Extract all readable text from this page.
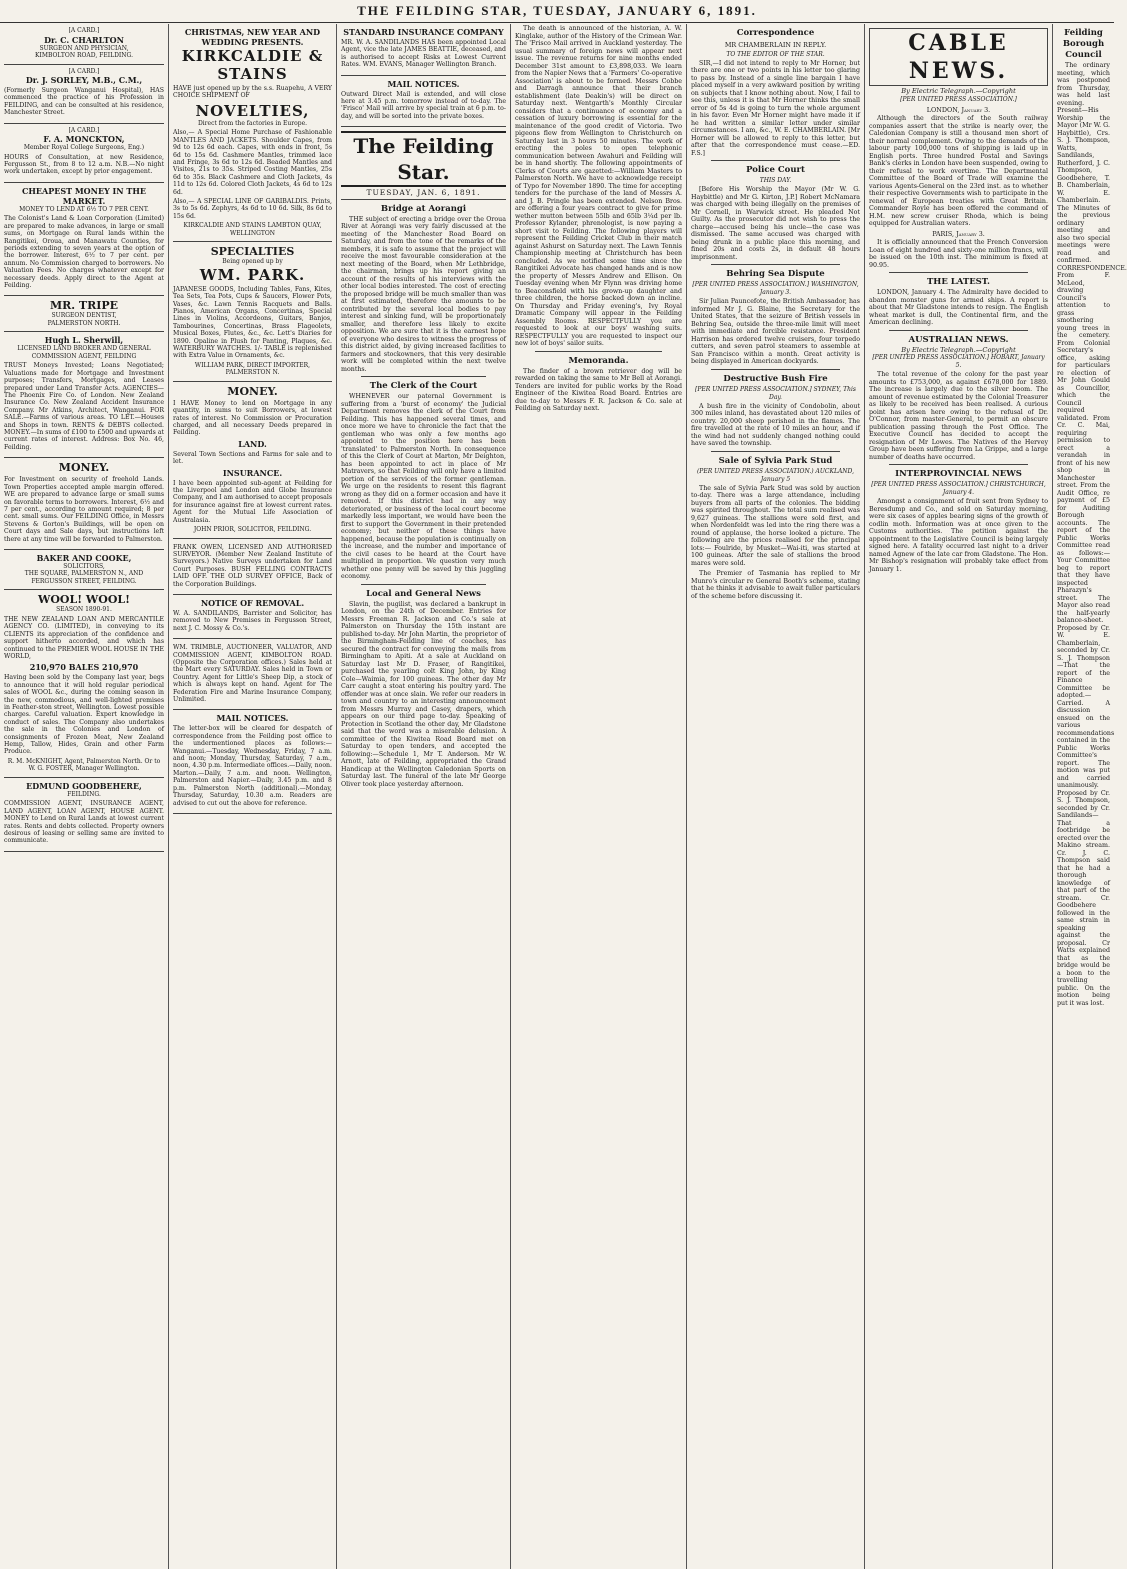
THE FEILDING STAR, TUESDAY, JANUARY 6, 1891.
[A CARD.]
Dr. C. CHARLTON
SURGEON AND PHYSICIAN,
KIMBOLTON ROAD, FEILDING.
[A CARD.]
Dr. J. SORLEY, M.B., C.M.,

(Formerly Surgeon Wanganui Hospital), HAS commenced the practice of his Profession in FEILDING, and can be consulted at his residence, Manchester Street.

[A CARD.]
F. A. MONCKTON,
Member Royal College Surgeons, Eng.)

HOURS of Consultation, at new Residence, Fergusson St., from 8 to 12 a.m. N.B.—No night work undertaken, except by prior engagement.

CHEAPEST MONEY IN THE MARKET.
MONEY TO LEND AT 6½ TO 7 PER CENT.

The Colonist's Land & Loan Corporation (Limited) are prepared to make advances, in large or small sums, on Mortgage on Rural lands within the Rangitikei, Oroua, and Manawatu Counties, for periods extending to seven years at the option of the borrower. Interest, 6½ to 7 per cent. per annum. No Commission charged to borrowers. No Valuation Fees. No charges whatever except for necessary deeds. Apply direct to the Agent at Feilding.

MR. TRIPE
SURGEON DENTIST,
PALMERSTON NORTH.
Hugh L. Sherwill,
LICENSED LAND BROKER AND GENERAL COMMISSION AGENT, FEILDING

TRUST Moneys Invested; Loans Negotiated; Valuations made for Mortgage and Investment purposes; Transfers, Mortgages, and Leases prepared under Land Transfer Acts. AGENCIES—The Phoenix Fire Co. of London. New Zealand Insurance Co. New Zealand Accident Insurance Company. Mr Atkins, Architect, Wanganui. FOR SALE.—Farms of various areas. TO LET.—Houses and Shops in town. RENTS & DEBTS collected. MONEY.—In sums of £100 to £500 and upwards at current rates of interest. Address: Box No. 46, Feilding.

MONEY.

For Investment on security of freehold Lands. Town Properties accepted ample margin offered. WE are prepared to advance large or small sums on favorable terms to borrowers. Interest, 6½ and 7 per cent., according to amount required; 8 per cent. small sums. Our FEILDING Office, in Messrs Stevens & Gorton's Buildings, will be open on Court days and Sale days, but instructions left there at any time will be forwarded to Palmerston.

BAKER AND COOKE,
SOLICITORS,
THE SQUARE, PALMERSTON N., AND FERGUSSON STREET, FEILDING.
WOOL! WOOL!
SEASON 1890-91.

THE NEW ZEALAND LOAN AND MERCANTILE AGENCY CO. (LIMITED), in conveying to its CLIENTS its appreciation of the confidence and support hitherto accorded, and which has continued to the PREMIER WOOL HOUSE IN THE WORLD,

210,970 BALES 210,970

Having been sold by the Company last year, begs to announce that it will hold regular periodical sales of WOOL &c., during the coming season in the new, commodious, and well-lighted premises in Feather-ston street, Wellington. Lowest possible charges. Careful valuation. Expert knowledge in conduct of sales. The Company also undertakes the sale in the Colonies and London of consignments of Frozen Meat, New Zealand Hemp, Tallow, Hides, Grain and other Farm Produce.

R. M. McKNIGHT, Agent, Palmerston North. Or to W. G. FOSTER, Manager Wellington.
EDMUND GOODBEHERE,
FEILDING.

COMMISSION AGENT, INSURANCE AGENT, LAND AGENT, LOAN AGENT, HOUSE AGENT. MONEY to Lend on Rural Lands at lowest current rates. Rents and debts collected. Property owners desirous of leasing or selling same are invited to communicate.

CHRISTMAS, NEW YEAR AND WEDDING PRESENTS.
KIRKCALDIE & STAINS

HAVE just opened up by the s.s. Ruapehu, A VERY CHOICE SHIPMENT OF

NOVELTIES,
Direct from the factories in Europe.

Also,— A Special Home Purchase of Fashionable MANTLES AND JACKETS. Shoulder Capes, from 9d to 12s 6d each. Capes, with ends in front, 5s 6d to 15s 6d. Cashmere Mantles, trimmed lace and Fringe, 3s 6d to 12s 6d. Beaded Mantles and Visites, 21s to 35s. Striped Costing Mantles, 25s 6d to 35s. Black Cashmere and Cloth Jackets, 4s 11d to 12s 6d. Colored Cloth Jackets, 4s 6d to 12s 6d.

Also,— A SPECIAL LINE OF GARIBALDIS. Prints, 3s to 5s 6d. Zephyrs, 4s 6d to 10 6d. Silk, 8s 6d to 15s 6d.

KIRKCALDIE AND STAINS LAMBTON QUAY, WELLINGTON
SPECIALTIES
Being opened up by
WM. PARK.

JAPANESE GOODS, Including Tables, Fans, Kites, Tea Sets, Tea Pots, Cups & Saucers, Flower Pots, Vases, &c. Lawn Tennis Racquets and Balls. Pianos, American Organs, Concertinas, Special Lines in Violins, Accordeons, Guitars, Banjos, Tambourines, Concertinas, Brass Flageolets, Musical Boxes, Flutes, &c., &c. Lett's Diaries for 1890. Opaline in Plush for Panting, Plaques, &c. WATERBURY WATCHES. 1/- TABLE is replenished with Extra Value in Ornaments, &c.

WILLIAM PARK, DIRECT IMPORTER, PALMERSTON N.
MONEY.

I HAVE Money to lend on Mortgage in any quantity, in sums to suit Borrowers, at lowest rates of interest. No Commission or Procuration charged, and all necessary Deeds prepared in Feilding.

LAND.

Several Town Sections and Farms for sale and to let.

INSURANCE.

I have been appointed sub-agent at Feilding for the Liverpool and London and Globe Insurance Company, and I am authorised to accept proposals for insurance against fire at lowest current rates. Agent for the Mutual Life Association of Australasia.

JOHN PRIOR, SOLICITOR, FEILDING.

FRANK OWEN, LICENSED AND AUTHORISED SURVEYOR. (Member New Zealand Institute of Surveyors.) Native Surveys undertaken for Land Court Purposes. BUSH FELLING CONTRACTS LAID OFF. THE OLD SURVEY OFFICE, Back of the Corporation Buildings.

NOTICE OF REMOVAL.

W. A. SANDILANDS, Barrister and Solicitor, has removed to New Premises in Fergusson Street, next J. C. Mossy & Co.'s.

WM. TRIMBLE, AUCTIONEER, VALUATOR, AND COMMISSION AGENT, KIMBOLTON ROAD. (Opposite the Corporation offices.) Sales held at the Mart every SATURDAY. Sales held in Town or Country. Agent for Little's Sheep Dip, a stock of which is always kept on hand. Agent for The Federation Fire and Marine Insurance Company, Unlimited.

MAIL NOTICES.

The letter-box will be cleared for despatch of correspondence from the Feilding post office to the undermentioned places as follows:— Wanganui.—Tuesday, Wednesday, Friday, 7 a.m. and noon; Monday, Thursday, Saturday, 7 a.m., noon, 4.30 p.m. Intermediate offices.—Daily, noon. Marton.—Daily, 7 a.m. and noon. Wellington, Palmerston and Napier.—Daily, 3.45 p.m. and 8 p.m. Palmerston North (additional).—Monday, Thursday, Saturday, 10.30 a.m. Readers are advised to cut out the above for reference.

STANDARD INSURANCE COMPANY

MR. W. A. SANDILANDS HAS been appointed Local Agent, vice the late JAMES BEATTIE, deceased, and is authorised to accept Risks at Lowest Current Rates. WM. EVANS, Manager Wellington Branch.

MAIL NOTICES.

Outward Direct Mail is extended, and will close here at 3.45 p.m. tomorrow instead of to-day. The 'Frisco' Mail will arrive by special train at 6 p.m. to-day, and will be sorted into the private boxes.

The Feilding Star.
TUESDAY, JAN. 6, 1891.
Bridge at Aorangi

THE subject of erecting a bridge over the Oroua River at Aorangi was very fairly discussed at the meeting of the Manchester Road Board on Saturday, and from the tone of the remarks of the members, it is safe to assume that the project will receive the most favourable consideration at the next meeting of the Board, when Mr Lethbridge, the chairman, brings up his report giving an account of the results of his interviews with the other local bodies interested. The cost of erecting the proposed bridge will be much smaller than was at first estimated, therefore the amounts to be contributed by the several local bodies to pay interest and sinking fund, will be proportionately smaller, and therefore less likely to excite opposition. We are sure that it is the earnest hope of everyone who desires to witness the progress of this district aided, by giving increased facilities to farmers and stockowners, that this very desirable work will be completed within the next twelve months.

The Clerk of the Court

WHENEVER our paternal Government is suffering from a 'burst of economy' the Judicial Department removes the clerk of the Court from Feilding. This has happened several times, and once more we have to chronicle the fact that the gentleman who was only a few months ago appointed to the position here has been 'translated' to Palmerston North. In consequence of this the Clerk of Court at Marton, Mr Deighton, has been appointed to act in place of Mr Matravers, so that Feilding will only have a limited portion of the services of the former gentleman. We urge on the residents to resent this flagrant wrong as they did on a former occasion and have it removed. If this district had in any way deteriorated, or business of the local court become markedly less important, we would have been the first to support the Government in their pretended economy; but neither of these things have happened, because the population is continually on the increase, and the number and importance of the civil cases to be heard at the Court have multiplied in proportion. We question very much whether one penny will be saved by this juggling economy.

Local and General News

Slavin, the pugilist, was declared a bankrupt in London, on the 24th of December. Entries for Messrs Freeman R. Jackson and Co.'s sale at Palmerston on Thursday the 15th instant are published to-day. Mr John Martin, the proprietor of the Birmingham-Feilding line of coaches, has secured the contract for conveying the mails from Birmingham to Apiti. At a sale at Auckland on Saturday last Mr D. Fraser, of Rangitikei, purchased the yearling colt King John, by King Cole—Waimia, for 100 guineas. The other day Mr Carr caught a stoat entering his poultry yard. The offender was at once slain. We refer our readers in town and country to an interesting announcement from Messrs Murray and Casey, drapers, which appears on our third page to-day. Speaking of Protection in Scotland the other day, Mr Gladstone said that the word was a miserable delusion. A committee of the Kiwitea Road Board met on Saturday to open tenders, and accepted the following:—Schedule 1, Mr T. Anderson. Mr W. Arnott, late of Feilding, appropriated the Grand Handicap at the Wellington Caledonian Sports on Saturday last. The funeral of the late Mr George Oliver took place yesterday afternoon.

The death is announced of the historian, A. W. Kinglake, author of the History of the Crimean War. The 'Frisco Mail arrived in Auckland yesterday. The usual summary of foreign news will appear next issue. The revenue returns for nine months ended December 31st amount to £3,898,033. We learn from the Napier News that a 'Farmers' Co-operative Association' is about to be formed. Messrs Cobbe and Darragh announce that their branch establishment (late Deakin's) will be direct on Saturday next. Wentgarth's Monthly Circular considers that a continuance of economy and a cessation of luxury borrowing is essential for the maintenance of the good credit of Victoria. Two pigeons flew from Wellington to Christchurch on Saturday last in 3 hours 50 minutes. The work of erecting the poles to open telephonic communication between Awahuri and Feilding will be in hand shortly. The following appointments of Clerks of Courts are gazetted:—William Masters to Palmerston North. We have to acknowledge receipt of Typo for November 1890. The time for accepting tenders for the purchase of the land of Messrs A. and J. B. Pringle has been extended. Nelson Bros. are offering a four years contract to give for prime wether mutton between 55lb and 65lb 3¼d per lb. Professor Kylander, phrenologist, is now paying a short visit to Feilding. The following players will represent the Feilding Cricket Club in their match against Ashurst on Saturday next. The Lawn Tennis Championship meeting at Christchurch has been concluded. As we notified some time since the Rangitikei Advocate has changed hands and is now the property of Messrs Andrew and Ellison. On Tuesday evening when Mr Flynn was driving home to Beaconsfield with his grown-up daughter and three children, the horse backed down an incline. On Thursday and Friday evening's, Ivy Royal Dramatic Company will appear in the Feilding Assembly Rooms. RESPECTFULLY you are requested to look at our boys' washing suits. RESPECTFULLY you are requested to inspect our new lot of boys' sailor suits.

Memoranda.

The finder of a brown retriever dog will be rewarded on taking the same to Mr Bell at Aorangi. Tenders are invited for public works by the Road Engineer of the Kiwitea Road Board. Entries are due to-day to Messrs F. R. Jackson & Co. sale at Feilding on Saturday next.

Correspondence
MR CHAMBERLAIN IN REPLY.
TO THE EDITOR OF THE STAR.

SIR,—I did not intend to reply to Mr Horner, but there are one or two points in his letter too glaring to pass by. Instead of a single line bargain I have placed myself in a very awkward position by writing on subjects that I know nothing about. Now, I fail to see this, unless it is that Mr Horner thinks the small error of 5s 4d is going to turn the whole argument in his favor. Even Mr Horner might have made it if he had written a similar letter under similar circumstances. I am, &c., W. E. CHAMBERLAIN. [Mr Horner will be allowed to reply to this letter, but after that the correspondence must cease.—ED. F.S.]

Police Court
THIS DAY.

[Before His Worship the Mayor (Mr W. G. Haybittle) and Mr G. Kirton, J.P.] Robert McNamara was charged with being illegally on the premises of Mr Cornell, in Warwick street. He pleaded Not Guilty. As the prosecutor did not wish to press the charge—accused being his uncle—the case was dismissed. The same accused was charged with being drunk in a public place this morning, and fined 20s and costs 2s, in default 48 hours imprisonment.

Behring Sea Dispute
[PER UNITED PRESS ASSOCIATION.] WASHINGTON, January 3.

Sir Julian Pauncefote, the British Ambassador, has informed Mr J. G. Blaine, the Secretary for the United States, that the seizure of British vessels in Behring Sea, outside the three-mile limit will meet with immediate and forcible resistance. President Harrison has ordered twelve cruisers, four torpedo cutters, and seven patrol steamers to assemble at San Francisco within a month. Great activity is being displayed in American dockyards.

Destructive Bush Fire
[PER UNITED PRESS ASSOCIATION.] SYDNEY, This Day.

A bush fire in the vicinity of Condobolin, about 300 miles inland, has devastated about 120 miles of country. 20,000 sheep perished in the flames. The fire travelled at the rate of 10 miles an hour, and if the wind had not suddenly changed nothing could have saved the township.

Sale of Sylvia Park Stud
(PER UNITED PRESS ASSOCIATION.) AUCKLAND, January 5

The sale of Sylvia Park Stud was sold by auction to-day. There was a large attendance, including buyers from all parts of the colonies. The bidding was spirited throughout. The total sum realised was 9,627 guineas. The stallions were sold first, and when Nordenfeldt was led into the ring there was a round of applause, the horse looked a picture. The following are the prices realised for the principal lots:— Foulride, by Musket—Wai-iti, was started at 100 guineas. After the sale of stallions the brood mares were sold.

The Premier of Tasmania has replied to Mr Munro's circular re General Booth's scheme, stating that he thinks it advisable to await fuller particulars of the scheme before discussing it.

CABLE NEWS.
By Electric Telegraph.—Copyright
[PER UNITED PRESS ASSOCIATION.]
LONDON, January 3.

Although the directors of the South railway companies assert that the strike is nearly over, the Caledonian Company is still a thousand men short of their normal complement. Owing to the demands of the labour party 100,000 tons of shipping is laid up in English ports. Three hundred Postal and Savings Bank's clerks in London have been suspended, owing to their refusal to work overtime. The Departmental Committee of the Board of Trade will examine the various Agents-General on the 23rd inst. as to whether their respective Governments wish to participate in the renewal of European treaties with Great Britain. Commander Royle has been offered the command of H.M. new screw cruiser Rhoda, which is being equipped for Australian waters.

PARIS, January 3.

It is officially announced that the French Conversion Loan of eight hundred and sixty-one million francs, will be issued on the 10th inst. The minimum is fixed at 90.95.

THE LATEST.

LONDON, January 4. The Admiralty have decided to abandon monster guns for armed ships. A report is about that Mr Gladstone intends to resign. The English wheat market is dull, the Continental firm, and the American declining.

AUSTRALIAN NEWS.
By Electric Telegraph.—Copyright
[PER UNITED PRESS ASSOCIATION.] HOBART, January 5.

The total revenue of the colony for the past year amounts to £753,000, as against £678,000 for 1889. The increase is largely due to the silver boom. The amount of revenue estimated by the Colonial Treasurer as likely to be received has been realised. A curious point has arisen here owing to the refusal of Dr. O'Connor, from master-General, to permit an obscure publication passing through the Post Office. The Executive Council has decided to accept the resignation of Mr Lowes. The Natives of the Hervey Group have been suffering from La Grippe, and a large number of deaths have occurred.

INTERPROVINCIAL NEWS
[PER UNITED PRESS ASSOCIATION.] CHRISTCHURCH, January 4.

Amongst a consignment of fruit sent from Sydney to Beresdump and Co., and sold on Saturday morning, were six cases of apples bearing signs of the growth of codlin moth. Information was at once given to the Customs authorities. The petition against the appointment to the Legislative Council is being largely signed here. A fatality occurred last night to a driver named Agnew of the late car from Gladstone. The Hon. Mr Bishop's resignation will probably take effect from January 1.

Feilding Borough Council

The ordinary meeting, which was postponed from Thursday, was held last evening. Present—His Worship the Mayor (Mr W. G. Haybittle), Crs. S. J. Thompson, Watts, Sandilands, Rutherford, J. C. Thompson, Goodbehere, T. B. Chamberlain, W. E. Chamberlain. The Minutes of the previous ordinary meeting and also two special meetings were read and confirmed. CORRESPONDENCE. From F. McLeod, drawing Council's attention to grass smothering young trees in the cemetery. From Colonial Secretary's office, asking for particulars re election of Mr John Gould as Councillor, which the Council required validated. From Cr. C. Mai, requiring permission to erect a verandah in front of his new shop in Manchester street. From the Audit Office, re payment of £5 for Auditing Borough accounts. The report of the Public Works Committee read as follows:—Your Committee beg to report that they have inspected Pharazyn's street. The Mayor also read the half-yearly balance-sheet. Proposed by Cr. W. E. Chamberlain, seconded by Cr. S. J. Thompson—That the report of the Finance Committee be adopted.—Carried. A discussion ensued on the various recommendations contained in the Public Works Committee's report. The motion was put and carried unanimously. Proposed by Cr. S. J. Thompson, seconded by Cr. Sandilands—That a footbridge be erected over the Makino stream. Cr. J. C. Thompson said that he had a thorough knowledge of that part of the stream. Cr. Goodbehere followed in the same strain in speaking against the proposal. Cr Watts explained that as the bridge would be a boon to the travelling public. On the motion being put it was lost.
